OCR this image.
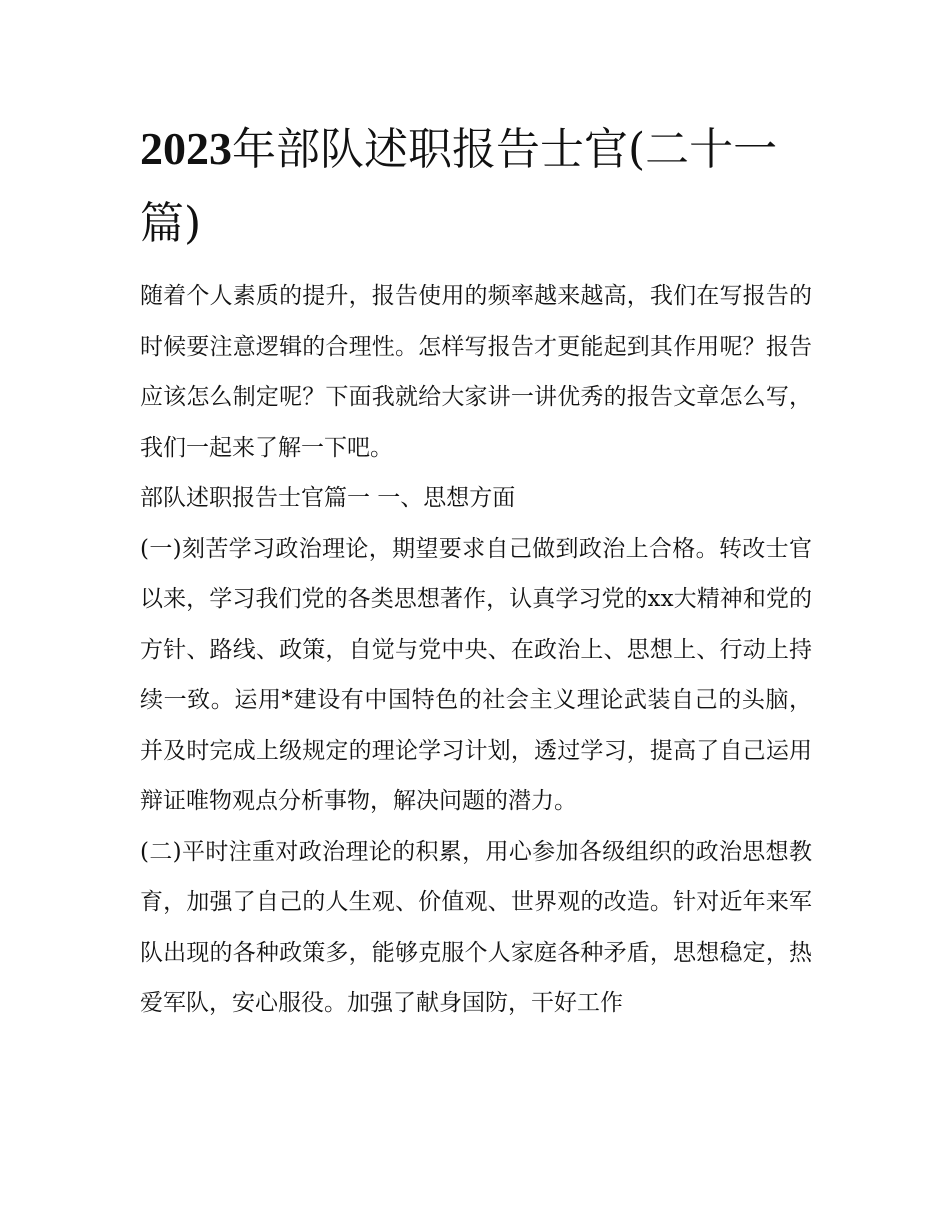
2023年部队述职报告士官(二十一篇)

随着个人素质的提升，报告使用的频率越来越高，我们在写报告的时候要注意逻辑的合理性。怎样写报告才更能起到其作用呢？报告应该怎么制定呢？下面我就给大家讲一讲优秀的报告文章怎么写，我们一起来了解一下吧。

部队述职报告士官篇一 一、思想方面

(一)刻苦学习政治理论，期望要求自己做到政治上合格。转改士官以来，学习我们党的各类思想著作，认真学习党的xx大精神和党的方针、路线、政策，自觉与党中央、在政治上、思想上、行动上持续一致。运用*建设有中国特色的社会主义理论武装自己的头脑，并及时完成上级规定的理论学习计划，透过学习，提高了自己运用辩证唯物观点分析事物，解决问题的潜力。

(二)平时注重对政治理论的积累，用心参加各级组织的政治思想教育，加强了自己的人生观、价值观、世界观的改造。针对近年来军队出现的各种政策多，能够克服个人家庭各种矛盾，思想稳定，热爱军队，安心服役。加强了献身国防，干好工作
